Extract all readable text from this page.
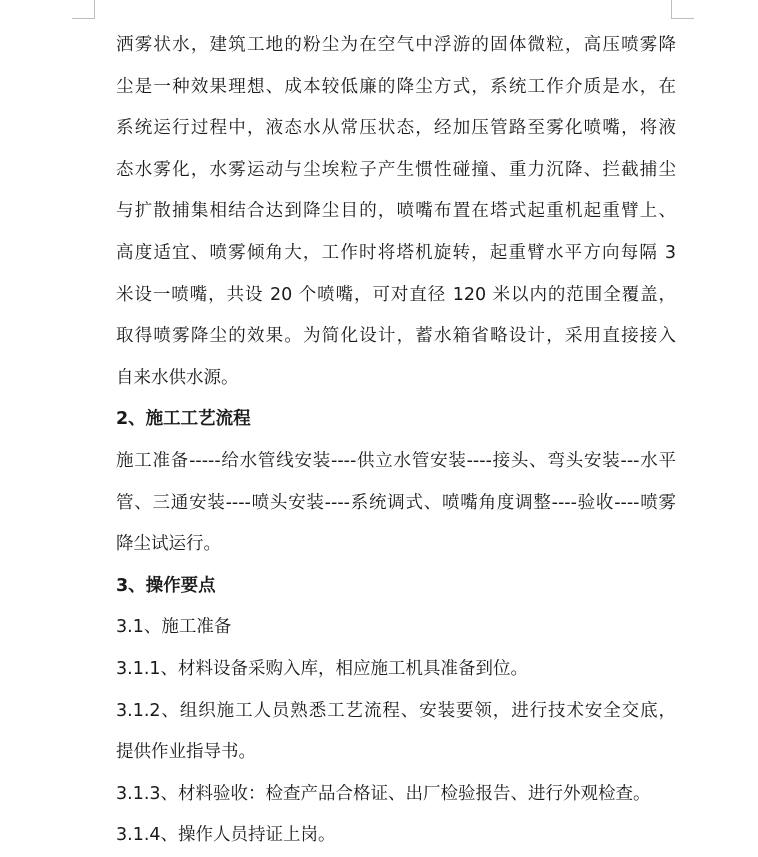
洒雾状水，建筑工地的粉尘为在空气中浮游的固体微粒，高压喷雾降
尘是一种效果理想、成本较低廉的降尘方式，系统工作介质是水，在
系统运行过程中，液态水从常压状态，经加压管路至雾化喷嘴，将液
态水雾化，水雾运动与尘埃粒子产生惯性碰撞、重力沉降、拦截捕尘
与扩散捕集相结合达到降尘目的，喷嘴布置在塔式起重机起重臂上、
高度适宜、喷雾倾角大，工作时将塔机旋转，起重臂水平方向每隔 3
米设一喷嘴，共设 20 个喷嘴，可对直径 120 米以内的范围全覆盖，
取得喷雾降尘的效果。为简化设计，蓄水箱省略设计，采用直接接入
自来水供水源。
2、施工工艺流程
施工准备-----给水管线安装----供立水管安装----接头、弯头安装---水平
管、三通安装----喷头安装----系统调式、喷嘴角度调整----验收----喷雾
降尘试运行。
3、操作要点
3.1、施工准备
3.1.1、材料设备采购入库，相应施工机具准备到位。
3.1.2、组织施工人员熟悉工艺流程、安装要领，进行技术安全交底，
提供作业指导书。
3.1.3、材料验收：检查产品合格证、出厂检验报告、进行外观检查。
3.1.4、操作人员持证上岗。
